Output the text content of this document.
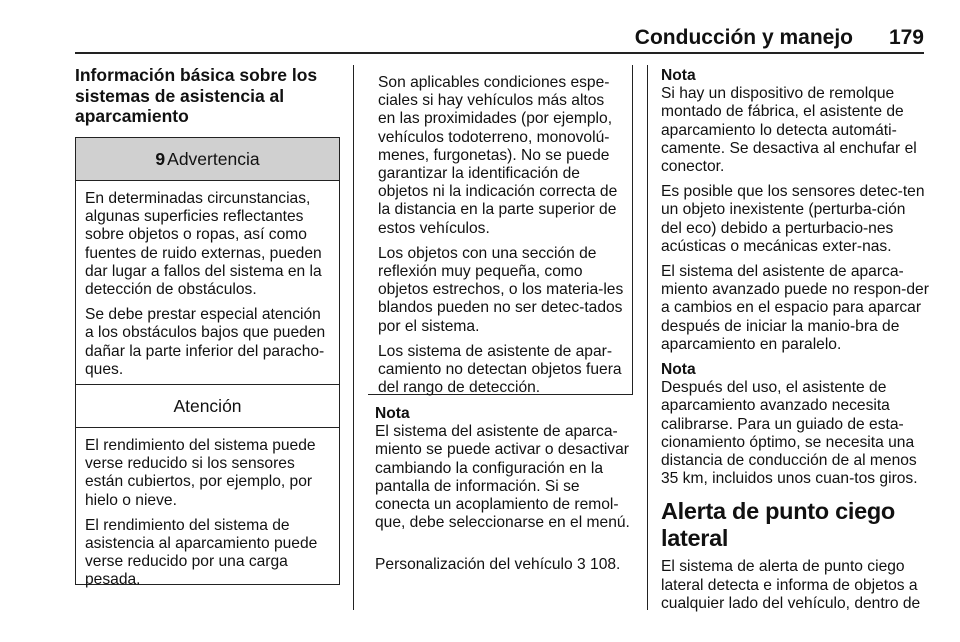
Conducción y manejo 179
Información básica sobre los sistemas de asistencia al aparcamiento
9 Advertencia

En determinadas circunstancias, algunas superficies reflectantes sobre objetos o ropas, así como fuentes de ruido externas, pueden dar lugar a fallos del sistema en la detección de obstáculos.

Se debe prestar especial atención a los obstáculos bajos que pueden dañar la parte inferior del paracho-ques.

Atención

El rendimiento del sistema puede verse reducido si los sensores están cubiertos, por ejemplo, por hielo o nieve.

El rendimiento del sistema de asistencia al aparcamiento puede verse reducido por una carga pesada.

Son aplicables condiciones espe-ciales si hay vehículos más altos en las proximidades (por ejemplo, vehículos todoterreno, monovolú-menes, furgonetas). No se puede garantizar la identificación de objetos ni la indicación correcta de la distancia en la parte superior de estos vehículos.

Los objetos con una sección de reflexión muy pequeña, como objetos estrechos, o los materia-les blandos pueden no ser detec-tados por el sistema.

Los sistema de asistente de apar-camiento no detectan objetos fuera del rango de detección.

Nota
El sistema del asistente de aparca-miento se puede activar o desactivar cambiando la configuración en la pantalla de información. Si se conecta un acoplamiento de remol-que, debe seleccionarse en el menú.
Personalización del vehículo 3 108.
Nota

Si hay un dispositivo de remolque montado de fábrica, el asistente de aparcamiento lo detecta automáti-camente. Se desactiva al enchufar el conector.

Es posible que los sensores detec-ten un objeto inexistente (perturba-ción del eco) debido a perturbacio-nes acústicas o mecánicas exter-nas.

El sistema del asistente de aparca-miento avanzado puede no respon-der a cambios en el espacio para aparcar después de iniciar la manio-bra de aparcamiento en paralelo.

Nota

Después del uso, el asistente de aparcamiento avanzado necesita calibrarse. Para un guiado de esta-cionamiento óptimo, se necesita una distancia de conducción de al menos 35 km, incluidos unos cuan-tos giros.

Alerta de punto ciego lateral

El sistema de alerta de punto ciego lateral detecta e informa de objetos a cualquier lado del vehículo, dentro de
